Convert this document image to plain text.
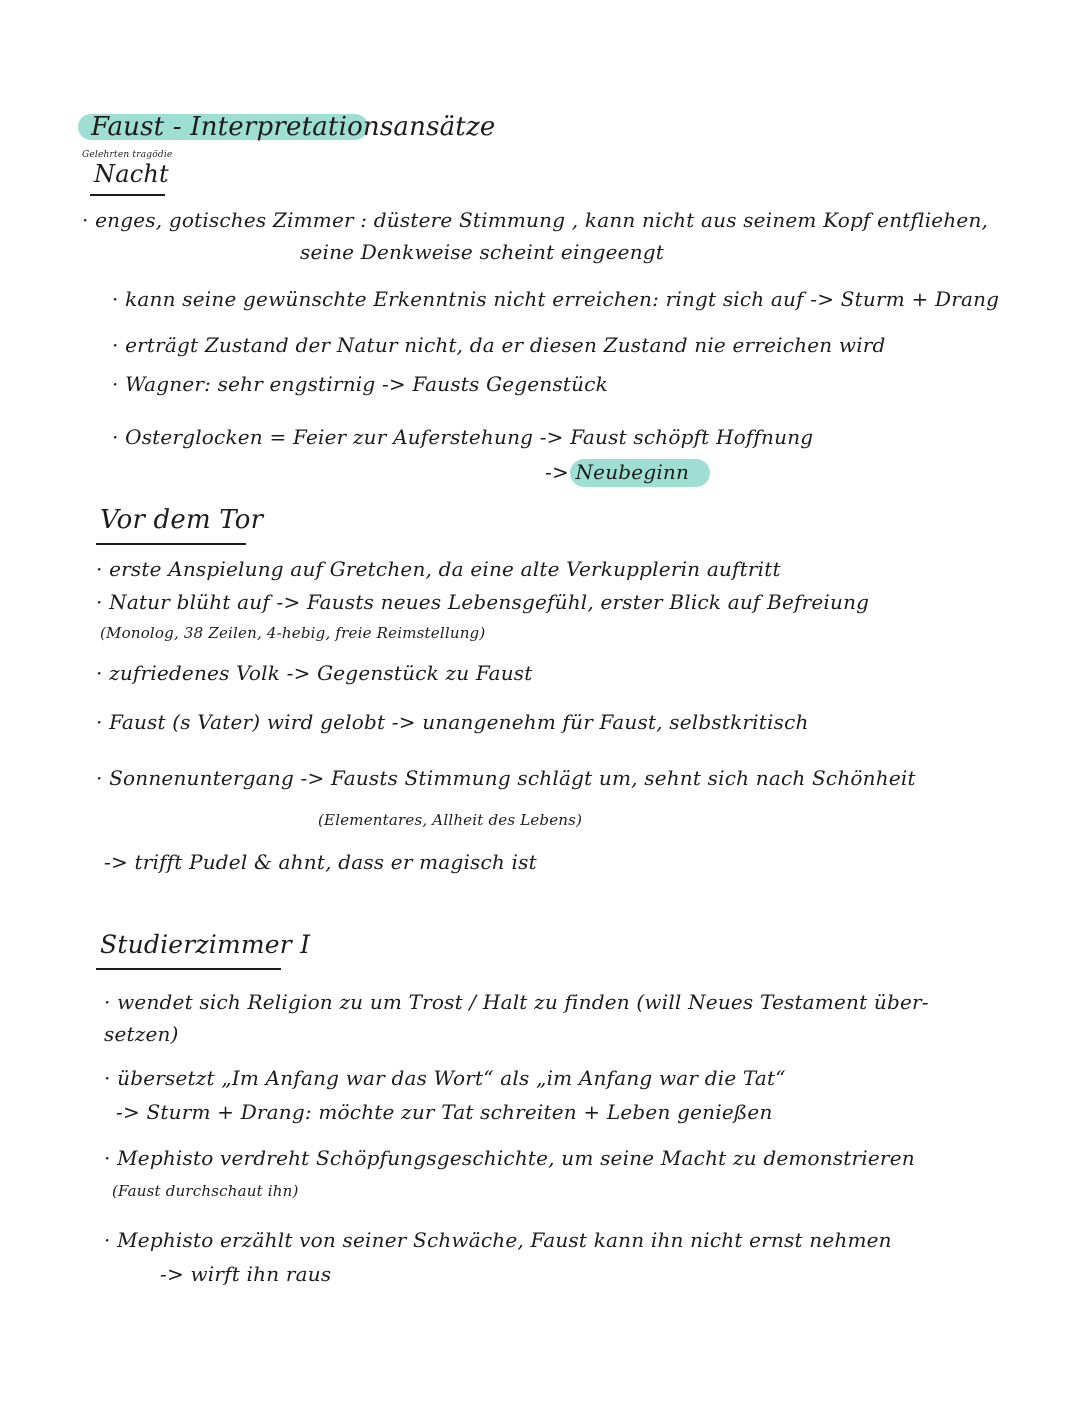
Faust - Interpretationsansätze
Gelehrten tragödie
Nacht
· enges, gotisches Zimmer : düstere Stimmung , kann nicht aus seinem Kopf entfliehen,
seine Denkweise scheint eingeengt
· kann seine gewünschte Erkenntnis nicht erreichen: ringt sich auf -> Sturm + Drang
· erträgt Zustand der Natur nicht, da er diesen Zustand nie erreichen wird
· Wagner: sehr engstirnig -> Fausts Gegenstück
· Osterglocken = Feier zur Auferstehung -> Faust schöpft Hoffnung
-> Neubeginn
Vor dem Tor
· erste Anspielung auf Gretchen, da eine alte Verkupplerin auftritt
· Natur blüht auf -> Fausts neues Lebensgefühl, erster Blick auf Befreiung
(Monolog, 38 Zeilen, 4-hebig, freie Reimstellung)
· zufriedenes Volk -> Gegenstück zu Faust
· Faust (s Vater) wird gelobt -> unangenehm für Faust, selbstkritisch
· Sonnenuntergang -> Fausts Stimmung schlägt um, sehnt sich nach Schönheit
(Elementares, Allheit des Lebens)
-> trifft Pudel & ahnt, dass er magisch ist
Studierzimmer I
· wendet sich Religion zu um Trost / Halt zu finden (will Neues Testament über-
setzen)
· übersetzt „Im Anfang war das Wort“ als „im Anfang war die Tat“
-> Sturm + Drang: möchte zur Tat schreiten + Leben genießen
· Mephisto verdreht Schöpfungsgeschichte, um seine Macht zu demonstrieren
(Faust durchschaut ihn)
· Mephisto erzählt von seiner Schwäche, Faust kann ihn nicht ernst nehmen
-> wirft ihn raus
